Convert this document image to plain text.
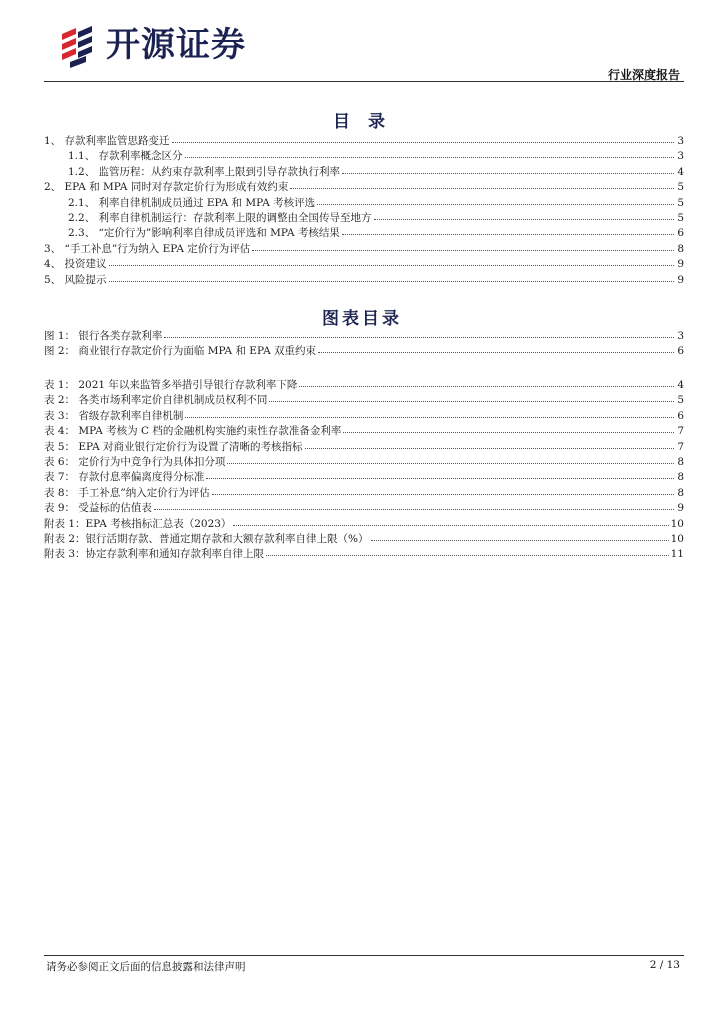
开源证券
行业深度报告
目 录
1、 存款利率监管思路变迁	3
1.1、 存款利率概念区分	3
1.2、 监管历程：从约束存款利率上限到引导存款执行利率	4
2、 EPA 和 MPA 同时对存款定价行为形成有效约束	5
2.1、 利率自律机制成员通过 EPA 和 MPA 考核评选	5
2.2、 利率自律机制运行：存款利率上限的调整由全国传导至地方	5
2.3、 “定价行为”影响利率自律成员评选和 MPA 考核结果	6
3、 “手工补息”行为纳入 EPA 定价行为评估	8
4、 投资建议	9
5、 风险提示	9
图表目录
图 1： 银行各类存款利率	3
图 2： 商业银行存款定价行为面临 MPA 和 EPA 双重约束	6
表 1： 2021 年以来监管多举措引导银行存款利率下降	4
表 2： 各类市场利率定价自律机制成员权利不同	5
表 3： 省级存款利率自律机制	6
表 4： MPA 考核为 C 档的金融机构实施约束性存款准备金利率	7
表 5： EPA 对商业银行定价行为设置了清晰的考核指标	7
表 6： 定价行为中竞争行为具体扣分项	8
表 7： 存款付息率偏离度得分标准	8
表 8： 手工补息”纳入定价行为评估	8
表 9： 受益标的估值表	9
附表 1：EPA 考核指标汇总表（2023）	10
附表 2：银行活期存款、普通定期存款和大额存款利率自律上限（%）	10
附表 3：协定存款利率和通知存款利率自律上限	11
请务必参阅正文后面的信息披露和法律声明	2 / 13
